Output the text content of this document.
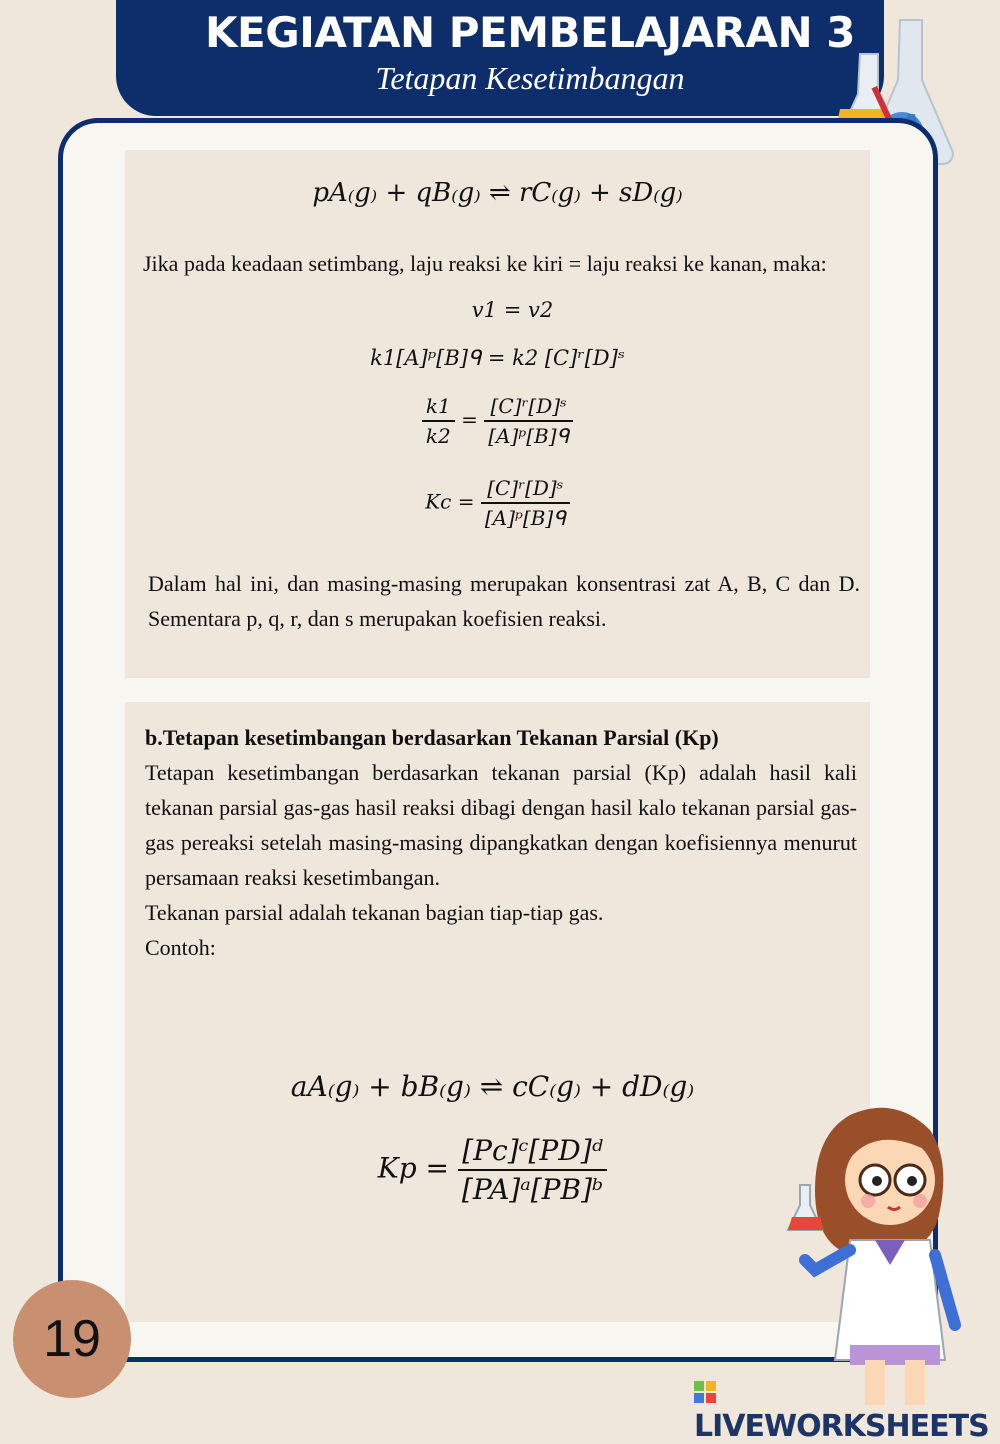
KEGIATAN PEMBELAJARAN 3
Tetapan Kesetimbangan
pA₍g₎ + qB₍g₎ ⇌ rC₍g₎ + sD₍g₎
Jika pada keadaan setimbang, laju reaksi ke kiri = laju reaksi ke kanan, maka:
v1 = v2
k1[A]ᵖ[B]ᑫ = k2 [C]ʳ[D]ˢ
$\frac{k1}{k2} = \frac{\text{[C]ʳ[D]ˢ}}{\text{[A]ᵖ[B]ᑫ}}$
$Kc = \frac{\text{[C]ʳ[D]ˢ}}{\text{[A]ᵖ[B]ᑫ}}$
Dalam hal ini, dan masing-masing merupakan konsentrasi zat A, B, C dan D. Sementara p, q, r, dan s merupakan koefisien reaksi.
b.Tetapan kesetimbangan berdasarkan Tekanan Parsial (Kp)
Tetapan kesetimbangan berdasarkan tekanan parsial (Kp) adalah hasil kali tekanan parsial gas-gas hasil reaksi dibagi dengan hasil kalo tekanan parsial gas-gas pereaksi setelah masing-masing dipangkatkan dengan koefisiennya menurut persamaan reaksi kesetimbangan.
Tekanan parsial adalah tekanan bagian tiap-tiap gas.
Contoh:
aA₍g₎ + bB₍g₎ ⇌ cC₍g₎ + dD₍g₎
$Kp = \frac{\text{[Pc]ᶜ[PD]ᵈ}}{\text{[PA]ᵃ[PB]ᵇ}}$
19
LIVEWORKSHEETS
